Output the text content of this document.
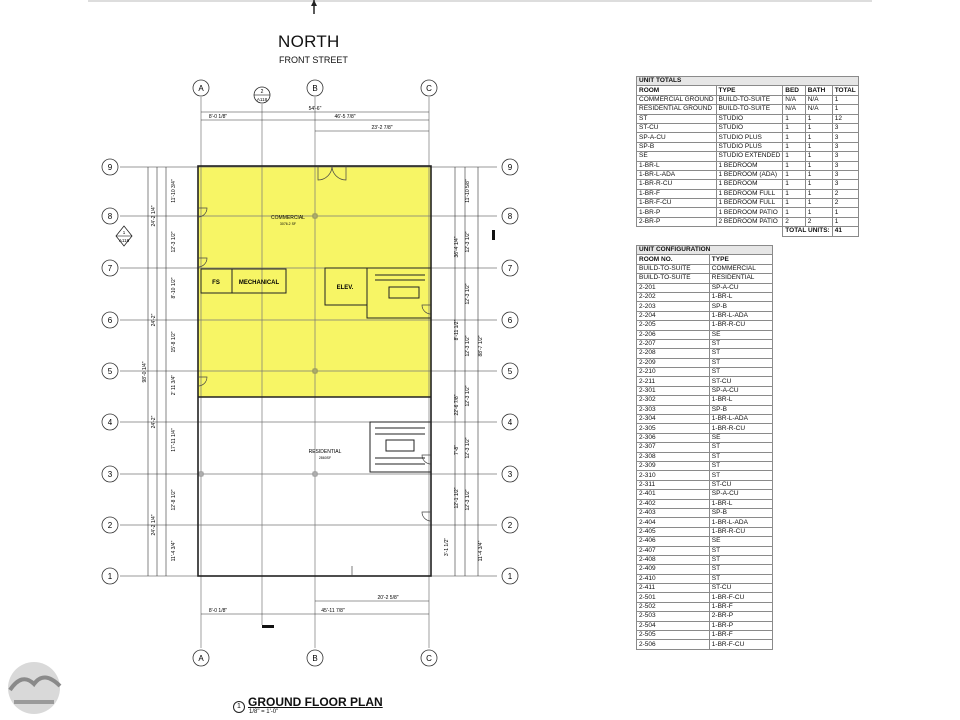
2
A118
1
A118
A	B	C
A	B	C
9	9
8	8
7	7
6	6
5	5
4	4
3	3
2	2
1	1
54'-6"
8'-0 1/8"	46'-5 7/8"
23'-2 7/8"
8'-0 1/8"	45'-11 7/8"
20'-2 5/8"
98'-0 1/4"
24'-2 1/4"
24'-2"
24'-2"
24'-2 1/4"
11'-10 3/4"
12'-3 1/2"
8'-10 1/2"
15'-8 1/2"
2' 11 3/4"
17'-11 1/4"
12'-8 1/2"
11'-4 3/4"
11'-10 5/8"
12'-3 1/2"
36'-4 1/4"
12'-3 1/2"
8'-11 1/2"
12'-3 1/2" 88'-7 1/2"
12'-3 1/2"
22'-6 7/8"
12'-3 1/2"
7'-8"
12'-1 1/2" 12'-3 1/2"
11'-4 3/4"
3'-1 1/2"
COMMERCIAL
3076.2 SF
FS	MECHANICAL
ELEV.
RESIDENTIAL
2860SF
NORTH
FRONT STREET
1 GROUND FLOOR PLAN
1/8" = 1'-0"
UNIT TOTALS				
ROOM	TYPE	BED	BATH	TOTAL
COMMERCIAL GROUND	BUILD-TO-SUITE	N/A	N/A	1
RESIDENTIAL GROUND	BUILD-TO-SUITE	N/A	N/A	1
ST	STUDIO	1	1	12
ST-CU	STUDIO	1	1	3
SP-A-CU	STUDIO PLUS	1	1	3
SP-B	STUDIO PLUS	1	1	3
SE	STUDIO EXTENDED	1	1	3
1-BR-L	1 BEDROOM	1	1	3
1-BR-L-ADA	1 BEDROOM (ADA)	1	1	3
1-BR-R-CU	1 BEDROOM	1	1	3
1-BR-F	1 BEDROOM FULL	1	1	2
1-BR-F-CU	1 BEDROOM FULL	1	1	2
1-BR-P	1 BEDROOM PATIO	1	1	1
2-BR-P	2 BEDROOM PATIO	2	2	1
		TOTAL UNITS:		41
UNIT CONFIGURATION	
ROOM NO.	TYPE
BUILD-TO-SUITE	COMMERCIAL
BUILD-TO-SUITE	RESIDENTIAL
2-201	SP-A-CU
2-202	1-BR-L
2-203	SP-B
2-204	1-BR-L-ADA
2-205	1-BR-R-CU
2-206	SE
2-207	ST
2-208	ST
2-209	ST
2-210	ST
2-211	ST-CU
2-301	SP-A-CU
2-302	1-BR-L
2-303	SP-B
2-304	1-BR-L-ADA
2-305	1-BR-R-CU
2-306	SE
2-307	ST
2-308	ST
2-309	ST
2-310	ST
2-311	ST-CU
2-401	SP-A-CU
2-402	1-BR-L
2-403	SP-B
2-404	1-BR-L-ADA
2-405	1-BR-R-CU
2-406	SE
2-407	ST
2-408	ST
2-409	ST
2-410	ST
2-411	ST-CU
2-501	1-BR-F-CU
2-502	1-BR-F
2-503	2-BR-P
2-504	1-BR-P
2-505	1-BR-F
2-506	1-BR-F-CU
